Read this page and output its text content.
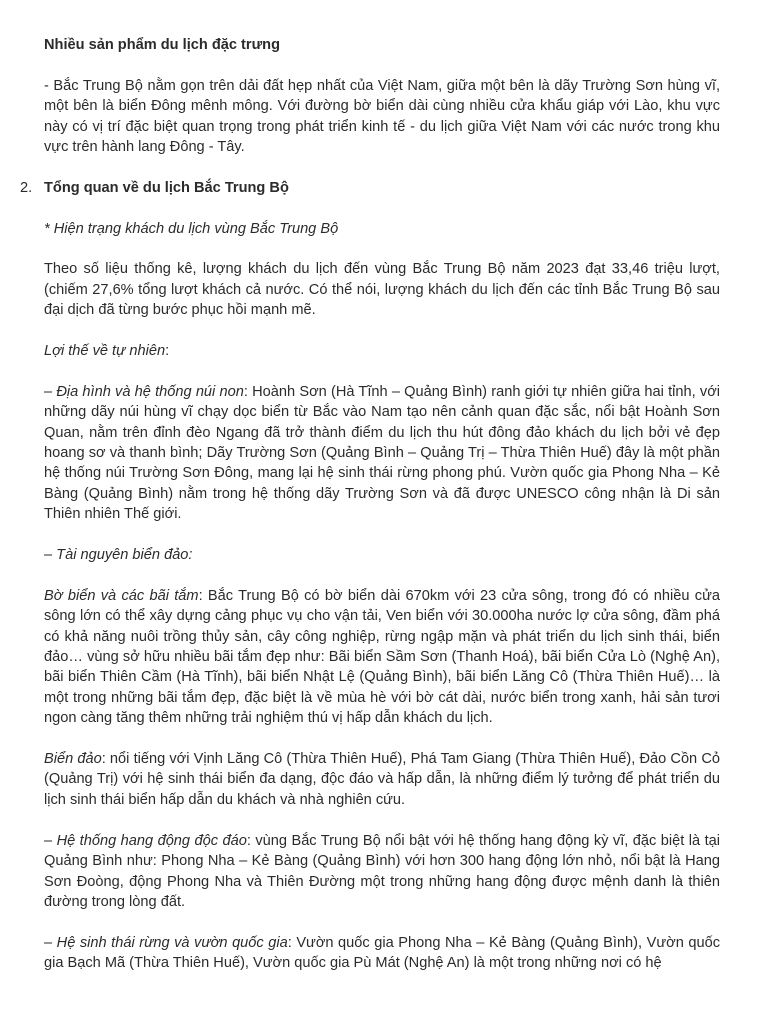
Nhiều sản phẩm du lịch đặc trưng

- Bắc Trung Bộ nằm gọn trên dải đất hẹp nhất của Việt Nam, giữa một bên là dãy Trường Sơn hùng vĩ, một bên là biển Đông mênh mông. Với đường bờ biển dài cùng nhiều cửa khẩu giáp với Lào, khu vực này có vị trí đặc biệt quan trọng trong phát triển kinh tế - du lịch giữa Việt Nam với các nước trong khu vực trên hành lang Đông - Tây.

2. Tổng quan về du lịch Bắc Trung Bộ

* Hiện trạng khách du lịch vùng Bắc Trung Bộ

Theo số liệu thống kê, lượng khách du lịch đến vùng Bắc Trung Bộ năm 2023 đạt 33,46 triệu lượt, (chiếm 27,6% tổng lượt khách cả nước. Có thể nói, lượng khách du lịch đến các tỉnh Bắc Trung Bộ sau đại dịch đã từng bước phục hồi mạnh mẽ.

Lợi thế về tự nhiên:

– Địa hình và hệ thống núi non: Hoành Sơn (Hà Tĩnh – Quảng Bình) ranh giới tự nhiên giữa hai tỉnh, với những dãy núi hùng vĩ chạy dọc biển từ Bắc vào Nam tạo nên cảnh quan đặc sắc, nổi bật Hoành Sơn Quan, nằm trên đỉnh đèo Ngang đã trở thành điểm du lịch thu hút đông đảo khách du lịch bởi vẻ đẹp hoang sơ và thanh bình; Dãy Trường Sơn (Quảng Bình – Quảng Trị – Thừa Thiên Huế) đây là một phần hệ thống núi Trường Sơn Đông, mang lại hệ sinh thái rừng phong phú. Vườn quốc gia Phong Nha – Kẻ Bàng (Quảng Bình) nằm trong hệ thống dãy Trường Sơn và đã được UNESCO công nhận là Di sản Thiên nhiên Thế giới.

– Tài nguyên biển đảo:

Bờ biển và các bãi tắm: Bắc Trung Bộ có bờ biển dài 670km với 23 cửa sông, trong đó có nhiều cửa sông lớn có thể xây dựng cảng phục vụ cho vận tải, Ven biển với 30.000ha nước lợ cửa sông, đầm phá có khả năng nuôi trồng thủy sản, cây công nghiệp, rừng ngập mặn và phát triển du lịch sinh thái, biển đảo… vùng sở hữu nhiều bãi tắm đẹp như: Bãi biển Sầm Sơn (Thanh Hoá), bãi biển Cửa Lò (Nghệ An), bãi biển Thiên Cầm (Hà Tĩnh), bãi biển Nhật Lệ (Quảng Bình), bãi biển Lăng Cô (Thừa Thiên Huế)… là một trong những bãi tắm đẹp, đặc biệt là về mùa hè với bờ cát dài, nước biển trong xanh, hải sản tươi ngon càng tăng thêm những trải nghiệm thú vị hấp dẫn khách du lịch.

Biển đảo: nổi tiếng với Vịnh Lăng Cô (Thừa Thiên Huế), Phá Tam Giang (Thừa Thiên Huế), Đảo Cồn Cỏ (Quảng Trị) với hệ sinh thái biển đa dạng, độc đáo và hấp dẫn, là những điểm lý tưởng để phát triển du lịch sinh thái biển hấp dẫn du khách và nhà nghiên cứu.

– Hệ thống hang động độc đáo: vùng Bắc Trung Bộ nổi bật với hệ thống hang động kỳ vĩ, đặc biệt là tại Quảng Bình như: Phong Nha – Kẻ Bàng (Quảng Bình) với hơn 300 hang động lớn nhỏ, nổi bật là Hang Sơn Đoòng, động Phong Nha và Thiên Đường một trong những hang động được mệnh danh là thiên đường trong lòng đất.

– Hệ sinh thái rừng và vườn quốc gia: Vườn quốc gia Phong Nha – Kẻ Bàng (Quảng Bình), Vườn quốc gia Bạch Mã (Thừa Thiên Huế), Vườn quốc gia Pù Mát (Nghệ An) là một trong những nơi có hệ
